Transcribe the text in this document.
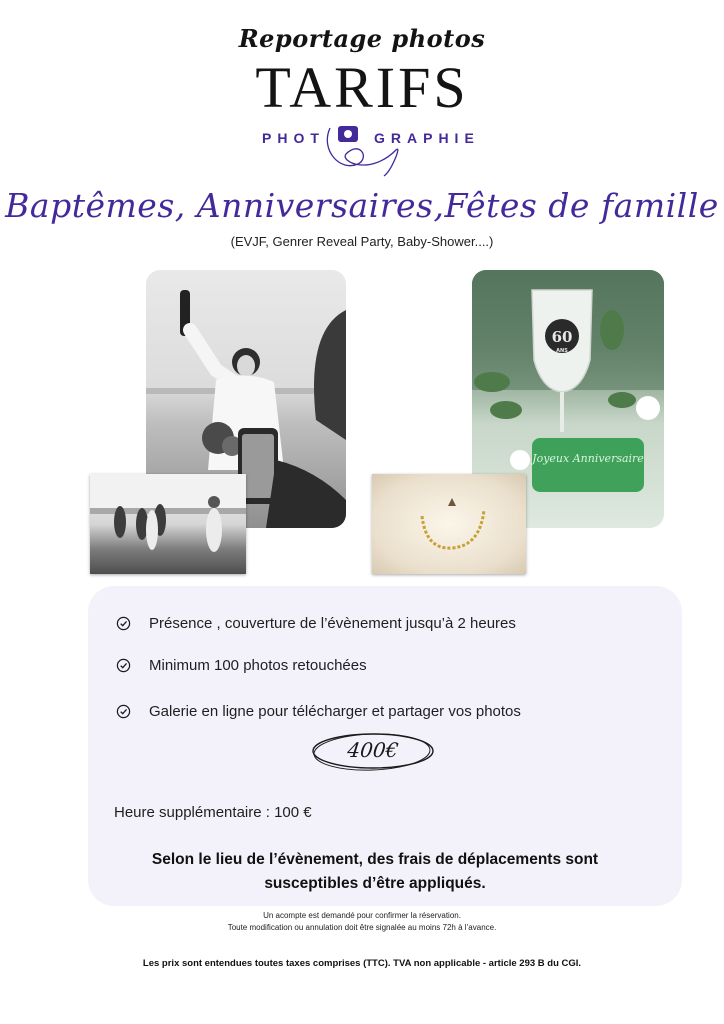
Reportage photos
TARIFS
PHOT	GRAPHIE
Baptêmes, Anniversaires,Fêtes de famille
(EVJF, Genrer Reveal Party, Baby-Shower....)
60
ANS
Joyeux Anniversaire
Présence , couverture de l’évènement jusqu’à 2 heures
Minimum 100 photos retouchées
Galerie en ligne pour télécharger et partager vos photos
400€
Heure supplémentaire : 100 €
Selon le lieu de l’évènement, des frais de déplacements sont susceptibles d’être appliqués.
Un acompte est demandé pour confirmer la réservation.
Toute modification ou annulation doit être signalée au moins 72h à l’avance.
Les prix sont entendues toutes taxes comprises (TTC). TVA non applicable - article 293 B du CGI.
